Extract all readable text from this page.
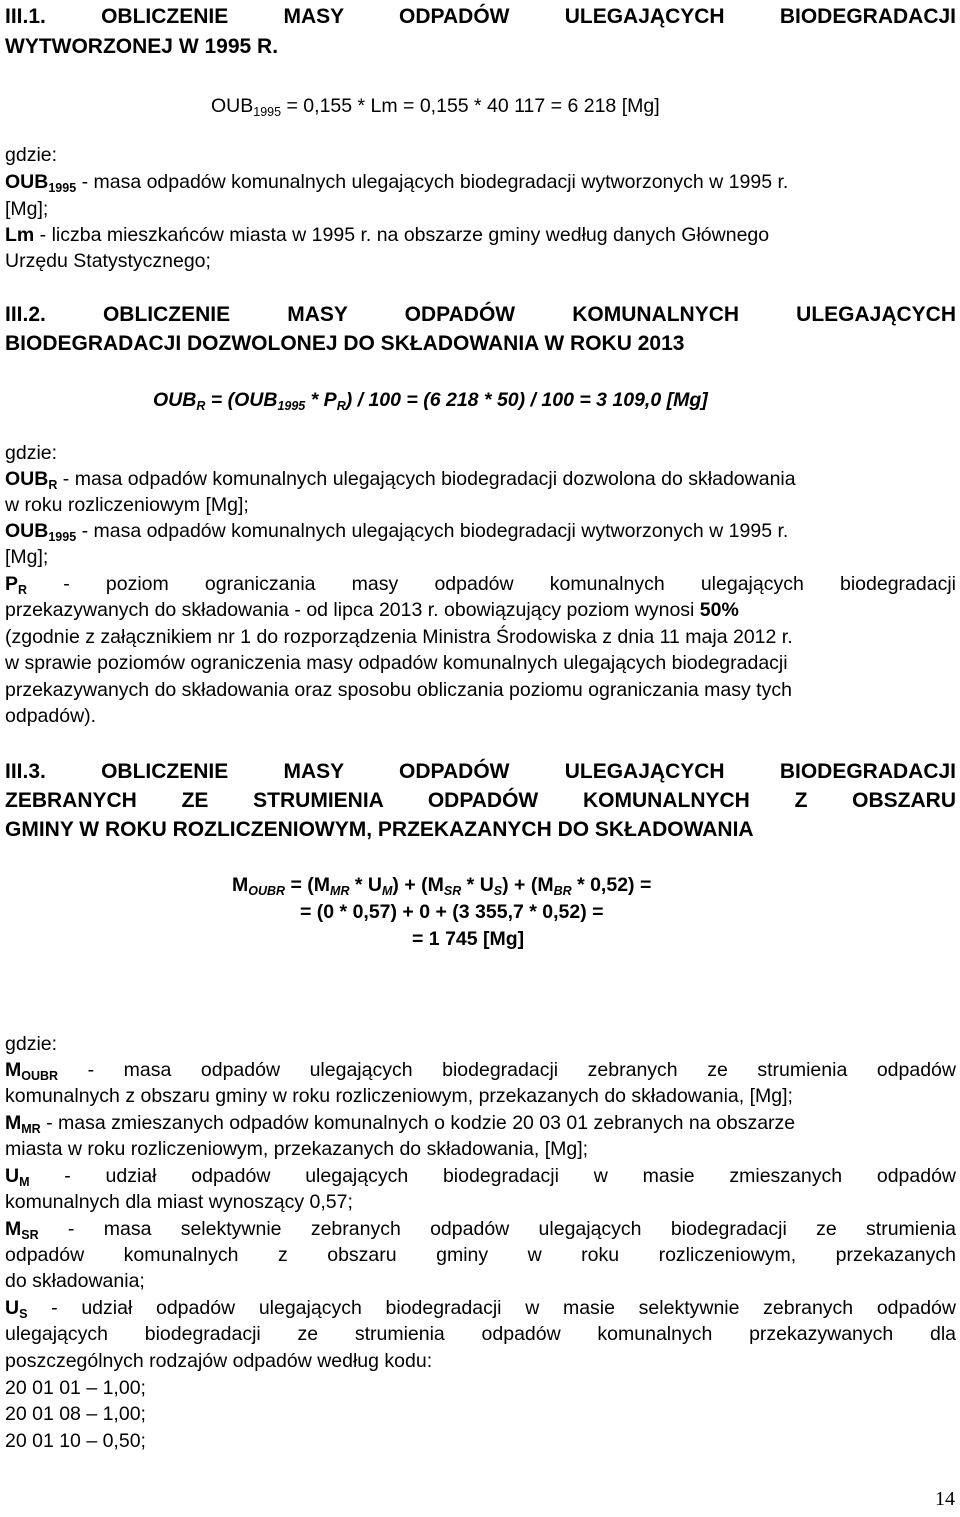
III.1. OBLICZENIE MASY ODPADÓW ULEGAJĄCYCH BIODEGRADACJI
WYTWORZONEJ W 1995 R.
$OUB_{1995} = 0,155 * Lm = 0,155 * 40$ 117 = 6 218 [Mg]
gdzie:
$OUB_{1995}$ - masa odpadów komunalnych ulegających biodegradacji wytworzonych w 1995 r.
[Mg];
Lm - liczba mieszkańców miasta w 1995 r. na obszarze gminy według danych Głównego
Urzędu Statystycznego;
III.2. OBLICZENIE MASY ODPADÓW KOMUNALNYCH ULEGAJĄCYCH
BIODEGRADACJI DOZWOLONEJ DO SKŁADOWANIA W ROKU 2013
$OUB_R = (OUB_{1995} * P_R) / 100 = (6$ 218 * 50) / 100 = 3 109,0 [Mg]
gdzie:
$OUB_R$ - masa odpadów komunalnych ulegających biodegradacji dozwolona do składowania
w roku rozliczeniowym [Mg];
$OUB_{1995}$ - masa odpadów komunalnych ulegających biodegradacji wytworzonych w 1995 r.
[Mg];
$P_R$ - poziom ograniczania masy odpadów komunalnych ulegających biodegradacji
przekazywanych do składowania - od lipca 2013 r. obowiązujący poziom wynosi 50%
(zgodnie z załącznikiem nr 1 do rozporządzenia Ministra Środowiska z dnia 11 maja 2012 r.
w sprawie poziomów ograniczenia masy odpadów komunalnych ulegających biodegradacji
przekazywanych do składowania oraz sposobu obliczania poziomu ograniczania masy tych
odpadów).
III.3. OBLICZENIE MASY ODPADÓW ULEGAJĄCYCH BIODEGRADACJI
ZEBRANYCH ZE STRUMIENIA ODPADÓW KOMUNALNYCH Z OBSZARU
GMINY W ROKU ROZLICZENIOWYM, PRZEKAZANYCH DO SKŁADOWANIA
$M_{OUBR} = (M_{MR} * U_M) + (M_{SR} * U_S) + (M_{BR} * 0,52)$ =
= (0 * 0,57) + 0 + (3 355,7 * 0,52) =
= 1 745 [Mg]
gdzie:
$M_{OUBR}$ - masa odpadów ulegających biodegradacji zebranych ze strumienia odpadów
komunalnych z obszaru gminy w roku rozliczeniowym, przekazanych do składowania, [Mg];
$M_{MR}$ - masa zmieszanych odpadów komunalnych o kodzie 20 03 01 zebranych na obszarze
miasta w roku rozliczeniowym, przekazanych do składowania, [Mg];
$U_M$ - udział odpadów ulegających biodegradacji w masie zmieszanych odpadów
komunalnych dla miast wynoszący 0,57;
$M_{SR}$ - masa selektywnie zebranych odpadów ulegających biodegradacji ze strumienia
odpadów komunalnych z obszaru gminy w roku rozliczeniowym, przekazanych
do składowania;
$U_S$ - udział odpadów ulegających biodegradacji w masie selektywnie zebranych odpadów
ulegających biodegradacji ze strumienia odpadów komunalnych przekazywanych dla
poszczególnych rodzajów odpadów według kodu:
20 01 01 – 1,00;
20 01 08 – 1,00;
20 01 10 – 0,50;
14
